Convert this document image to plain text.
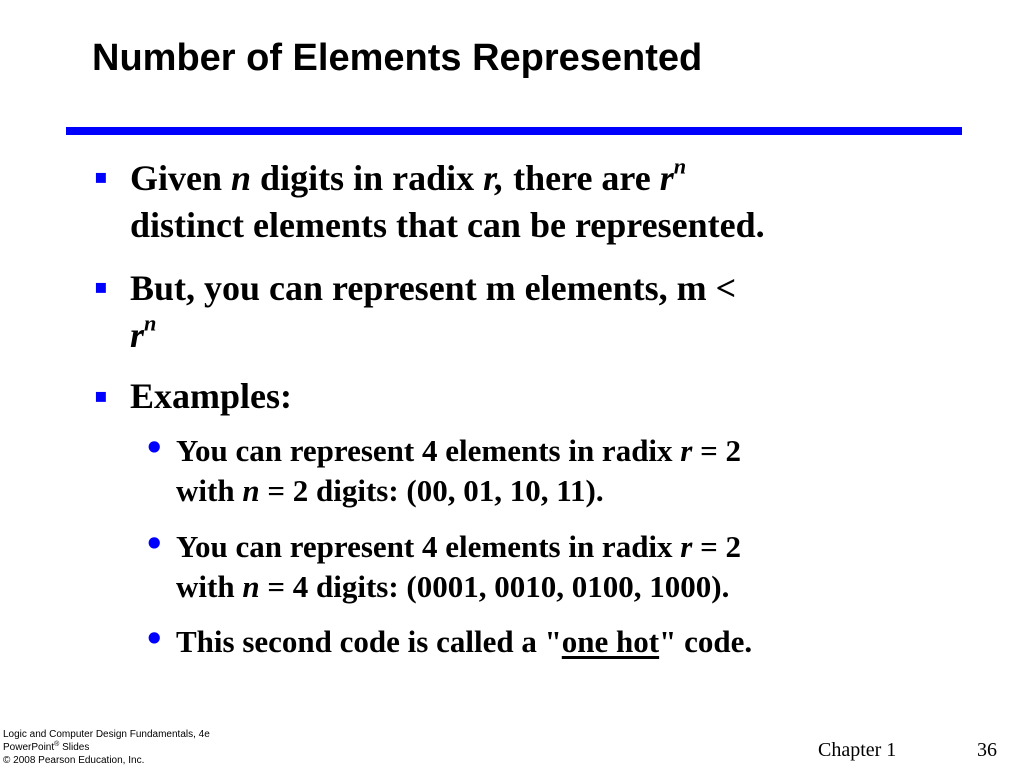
Number of Elements Represented
▪ Given n digits in radix r, there are $r^n$
distinct elements that can be represented.
▪ But, you can represent m elements, m <
$r^n$
▪ Examples:
• You can represent 4 elements in radix r = 2
with n = 2 digits: (00, 01, 10, 11).
• You can represent 4 elements in radix r = 2
with n = 4 digits: (0001, 0010, 0100, 1000).
• This second code is called a "one hot" code.
Logic and Computer Design Fundamentals, 4e
PowerPoint® Slides
© 2008 Pearson Education, Inc.	Chapter 1	36
